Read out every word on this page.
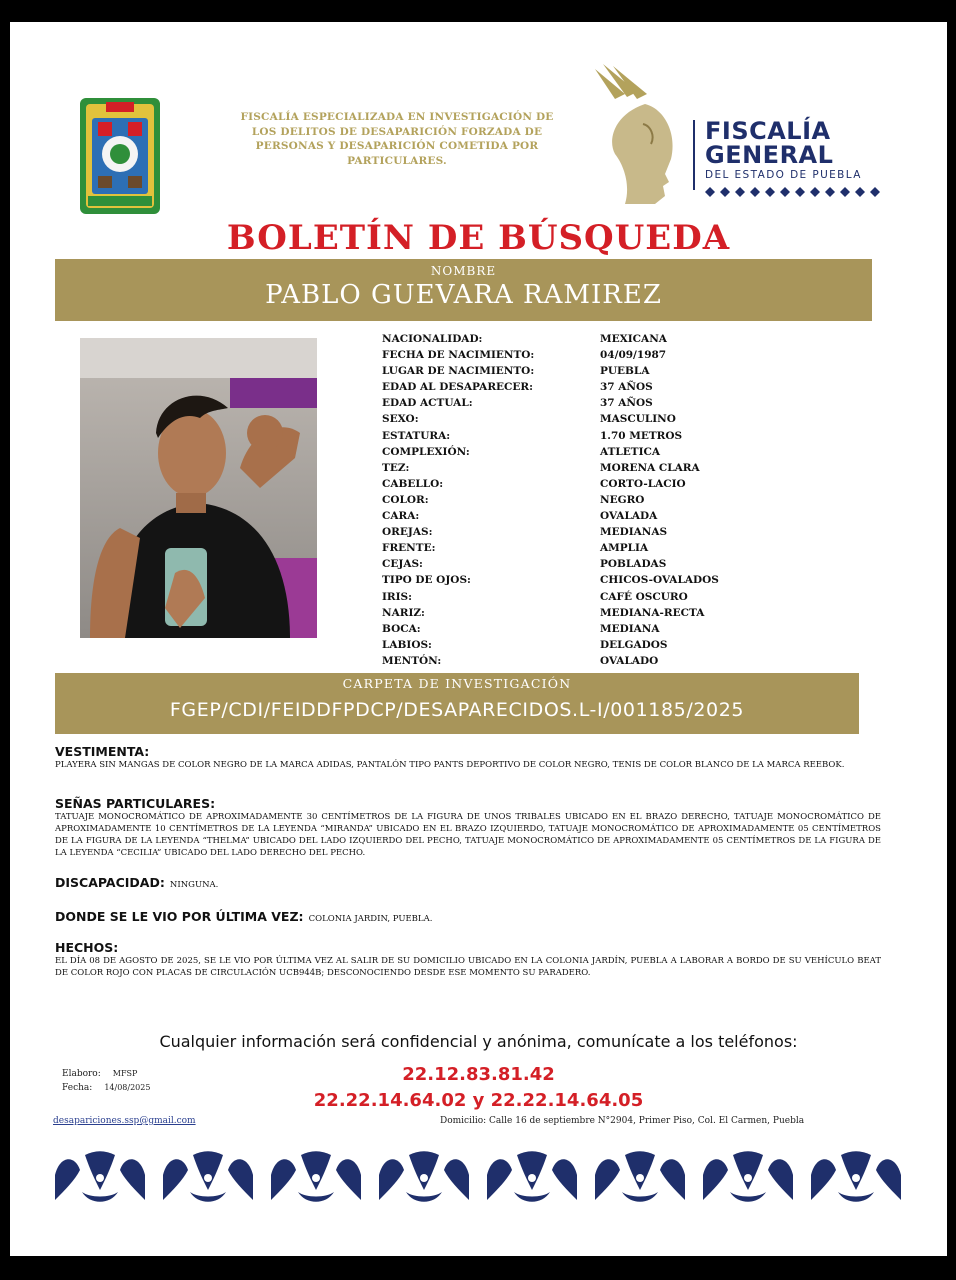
FISCALÍA ESPECIALIZADA EN INVESTIGACIÓN DE
LOS DELITOS DE DESAPARICIÓN FORZADA DE
PERSONAS Y DESAPARICIÓN COMETIDA POR
PARTICULARES.
FISCALÍA
GENERAL
DEL ESTADO DE PUEBLA
BOLETÍN DE BÚSQUEDA
NOMBRE
PABLO GUEVARA RAMIREZ
NACIONALIDAD:	MEXICANA
FECHA DE NACIMIENTO:	04/09/1987
LUGAR DE NACIMIENTO:	PUEBLA
EDAD AL DESAPARECER:	37 AÑOS
EDAD ACTUAL:	37 AÑOS
SEXO:	MASCULINO
ESTATURA:	1.70 METROS
COMPLEXIÓN:	ATLETICA
TEZ:	MORENA CLARA
CABELLO:	CORTO-LACIO
COLOR:	NEGRO
CARA:	OVALADA
OREJAS:	MEDIANAS
FRENTE:	AMPLIA
CEJAS:	POBLADAS
TIPO DE OJOS:	CHICOS-OVALADOS
IRIS:	CAFÉ OSCURO
NARIZ:	MEDIANA-RECTA
BOCA:	MEDIANA
LABIOS:	DELGADOS
MENTÓN:	OVALADO
CARPETA DE INVESTIGACIÓN
FGEP/CDI/FEIDDFPDCP/DESAPARECIDOS.L-I/001185/2025
VESTIMENTA:
PLAYERA SIN MANGAS DE COLOR NEGRO DE LA MARCA ADIDAS, PANTALÓN TIPO PANTS DEPORTIVO DE COLOR NEGRO, TENIS DE COLOR BLANCO DE LA MARCA REEBOK.
SEÑAS PARTICULARES:
TATUAJE MONOCROMÁTICO DE APROXIMADAMENTE 30 CENTÍMETROS DE LA FIGURA DE UNOS TRIBALES UBICADO EN EL BRAZO DERECHO, TATUAJE MONOCROMÁTICO DE APROXIMADAMENTE 10 CENTÍMETROS DE LA LEYENDA “MIRANDA” UBICADO EN EL BRAZO IZQUIERDO, TATUAJE MONOCROMÁTICO DE APROXIMADAMENTE 05 CENTÍMETROS DE LA FIGURA DE LA LEYENDA “THELMA” UBICADO DEL LADO IZQUIERDO DEL PECHO, TATUAJE MONOCROMÁTICO DE APROXIMADAMENTE 05 CENTÍMETROS DE LA FIGURA DE LA LEYENDA “CECILIA” UBICADO DEL LADO DERECHO DEL PECHO.
DISCAPACIDAD: NINGUNA.
DONDE SE LE VIO POR ÚLTIMA VEZ: COLONIA JARDIN, PUEBLA.
HECHOS:
EL DÍA 08 DE AGOSTO DE 2025, SE LE VIO POR ÚLTIMA VEZ AL SALIR DE SU DOMICILIO UBICADO EN LA COLONIA JARDÍN, PUEBLA A LABORAR A BORDO DE SU VEHÍCULO BEAT DE COLOR ROJO CON PLACAS DE CIRCULACIÓN UCB944B; DESCONOCIENDO DESDE ESE MOMENTO SU PARADERO.
Cualquier información será confidencial y anónima, comunícate a los teléfonos:
Elaboro: MFSP
Fecha: 14/08/2025
22.12.83.81.42
22.22.14.64.02 y 22.22.14.64.05
desapariciones.ssp@gmail.com	Domicilio: Calle 16 de septiembre N°2904, Primer Piso, Col. El Carmen, Puebla
